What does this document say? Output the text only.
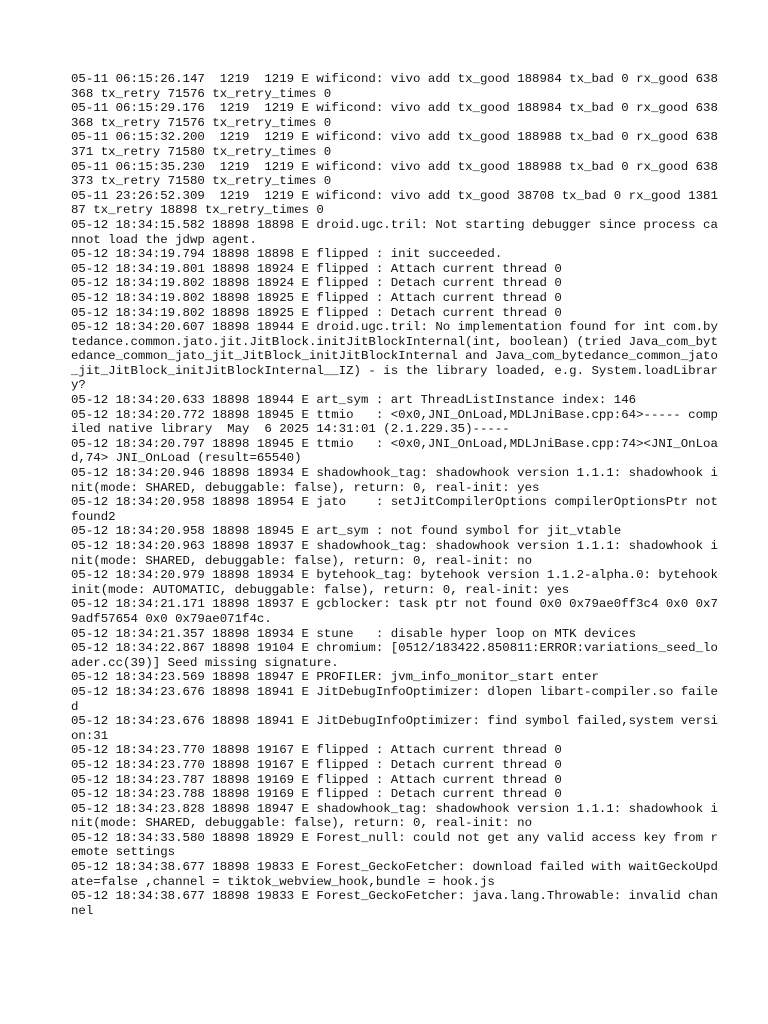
05-11 06:15:26.147  1219  1219 E wificond: vivo add tx_good 188984 tx_bad 0 rx_good 638368 tx_retry 71576 tx_retry_times 0
05-11 06:15:29.176  1219  1219 E wificond: vivo add tx_good 188984 tx_bad 0 rx_good 638368 tx_retry 71576 tx_retry_times 0
05-11 06:15:32.200  1219  1219 E wificond: vivo add tx_good 188988 tx_bad 0 rx_good 638371 tx_retry 71580 tx_retry_times 0
05-11 06:15:35.230  1219  1219 E wificond: vivo add tx_good 188988 tx_bad 0 rx_good 638373 tx_retry 71580 tx_retry_times 0
05-11 23:26:52.309  1219  1219 E wificond: vivo add tx_good 38708 tx_bad 0 rx_good 138187 tx_retry 18898 tx_retry_times 0
05-12 18:34:15.582 18898 18898 E droid.ugc.tril: Not starting debugger since process cannot load the jdwp agent.
05-12 18:34:19.794 18898 18898 E flipped : init succeeded.
05-12 18:34:19.801 18898 18924 E flipped : Attach current thread 0
05-12 18:34:19.802 18898 18924 E flipped : Detach current thread 0
05-12 18:34:19.802 18898 18925 E flipped : Attach current thread 0
05-12 18:34:19.802 18898 18925 E flipped : Detach current thread 0
05-12 18:34:20.607 18898 18944 E droid.ugc.tril: No implementation found for int com.bytedance.common.jato.jit.JitBlock.initJitBlockInternal(int, boolean) (tried Java_com_bytedance_common_jato_jit_JitBlock_initJitBlockInternal and Java_com_bytedance_common_jato_jit_JitBlock_initJitBlockInternal__IZ) - is the library loaded, e.g. System.loadLibrary?
05-12 18:34:20.633 18898 18944 E art_sym : art ThreadListInstance index: 146
05-12 18:34:20.772 18898 18945 E ttmio   : <0x0,JNI_OnLoad,MDLJniBase.cpp:64>----- compiled native library  May  6 2025 14:31:01 (2.1.229.35)-----
05-12 18:34:20.797 18898 18945 E ttmio   : <0x0,JNI_OnLoad,MDLJniBase.cpp:74><JNI_OnLoad,74> JNI_OnLoad (result=65540)
05-12 18:34:20.946 18898 18934 E shadowhook_tag: shadowhook version 1.1.1: shadowhook init(mode: SHARED, debuggable: false), return: 0, real-init: yes
05-12 18:34:20.958 18898 18954 E jato    : setJitCompilerOptions compilerOptionsPtr not found2
05-12 18:34:20.958 18898 18945 E art_sym : not found symbol for jit_vtable
05-12 18:34:20.963 18898 18937 E shadowhook_tag: shadowhook version 1.1.1: shadowhook init(mode: SHARED, debuggable: false), return: 0, real-init: no
05-12 18:34:20.979 18898 18934 E bytehook_tag: bytehook version 1.1.2-alpha.0: bytehook init(mode: AUTOMATIC, debuggable: false), return: 0, real-init: yes
05-12 18:34:21.171 18898 18937 E gcblocker: task ptr not found 0x0 0x79ae0ff3c4 0x0 0x79adf57654 0x0 0x79ae071f4c.
05-12 18:34:21.357 18898 18934 E stune   : disable hyper loop on MTK devices
05-12 18:34:22.867 18898 19104 E chromium: [0512/183422.850811:ERROR:variations_seed_loader.cc(39)] Seed missing signature.
05-12 18:34:23.569 18898 18947 E PROFILER: jvm_info_monitor_start enter
05-12 18:34:23.676 18898 18941 E JitDebugInfoOptimizer: dlopen libart-compiler.so failed
05-12 18:34:23.676 18898 18941 E JitDebugInfoOptimizer: find symbol failed,system version:31
05-12 18:34:23.770 18898 19167 E flipped : Attach current thread 0
05-12 18:34:23.770 18898 19167 E flipped : Detach current thread 0
05-12 18:34:23.787 18898 19169 E flipped : Attach current thread 0
05-12 18:34:23.788 18898 19169 E flipped : Detach current thread 0
05-12 18:34:23.828 18898 18947 E shadowhook_tag: shadowhook version 1.1.1: shadowhook init(mode: SHARED, debuggable: false), return: 0, real-init: no
05-12 18:34:33.580 18898 18929 E Forest_null: could not get any valid access key from remote settings
05-12 18:34:38.677 18898 19833 E Forest_GeckoFetcher: download failed with waitGeckoUpdate=false ,channel = tiktok_webview_hook,bundle = hook.js
05-12 18:34:38.677 18898 19833 E Forest_GeckoFetcher: java.lang.Throwable: invalid channel
